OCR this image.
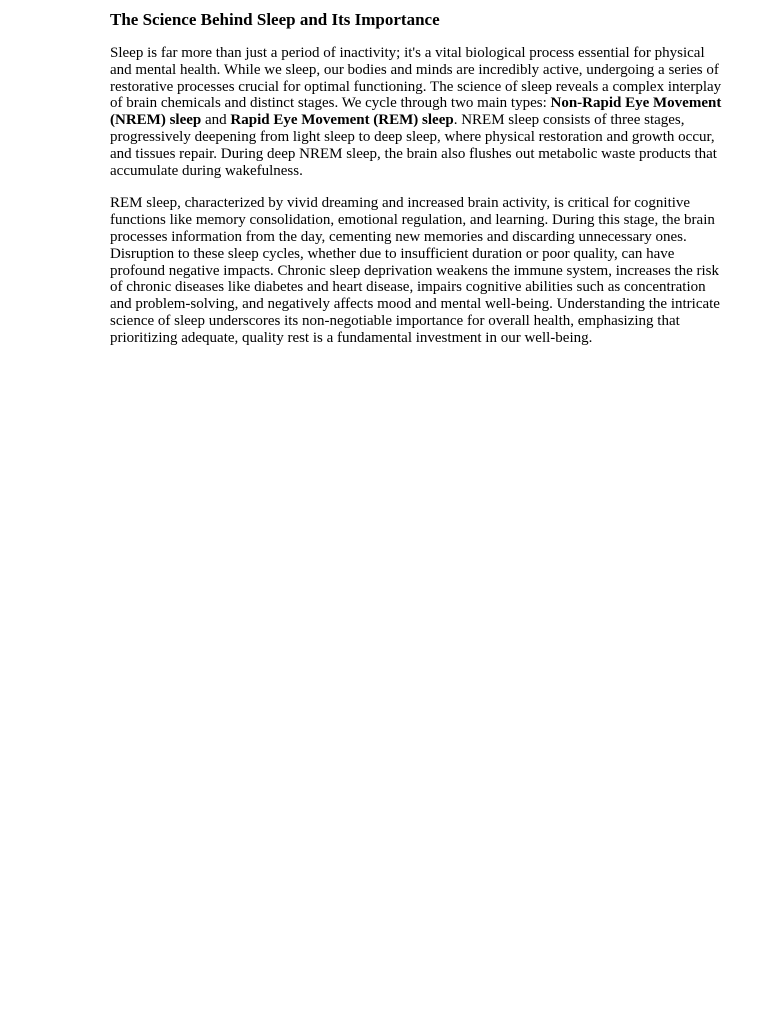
The Science Behind Sleep and Its Importance

Sleep is far more than just a period of inactivity; it's a vital biological process essential for physical and mental health. While we sleep, our bodies and minds are incredibly active, undergoing a series of restorative processes crucial for optimal functioning. The science of sleep reveals a complex interplay of brain chemicals and distinct stages. We cycle through two main types: Non-Rapid Eye Movement (NREM) sleep and Rapid Eye Movement (REM) sleep. NREM sleep consists of three stages, progressively deepening from light sleep to deep sleep, where physical restoration and growth occur, and tissues repair. During deep NREM sleep, the brain also flushes out metabolic waste products that accumulate during wakefulness.

REM sleep, characterized by vivid dreaming and increased brain activity, is critical for cognitive functions like memory consolidation, emotional regulation, and learning. During this stage, the brain processes information from the day, cementing new memories and discarding unnecessary ones. Disruption to these sleep cycles, whether due to insufficient duration or poor quality, can have profound negative impacts. Chronic sleep deprivation weakens the immune system, increases the risk of chronic diseases like diabetes and heart disease, impairs cognitive abilities such as concentration and problem-solving, and negatively affects mood and mental well-being. Understanding the intricate science of sleep underscores its non-negotiable importance for overall health, emphasizing that prioritizing adequate, quality rest is a fundamental investment in our well-being.
